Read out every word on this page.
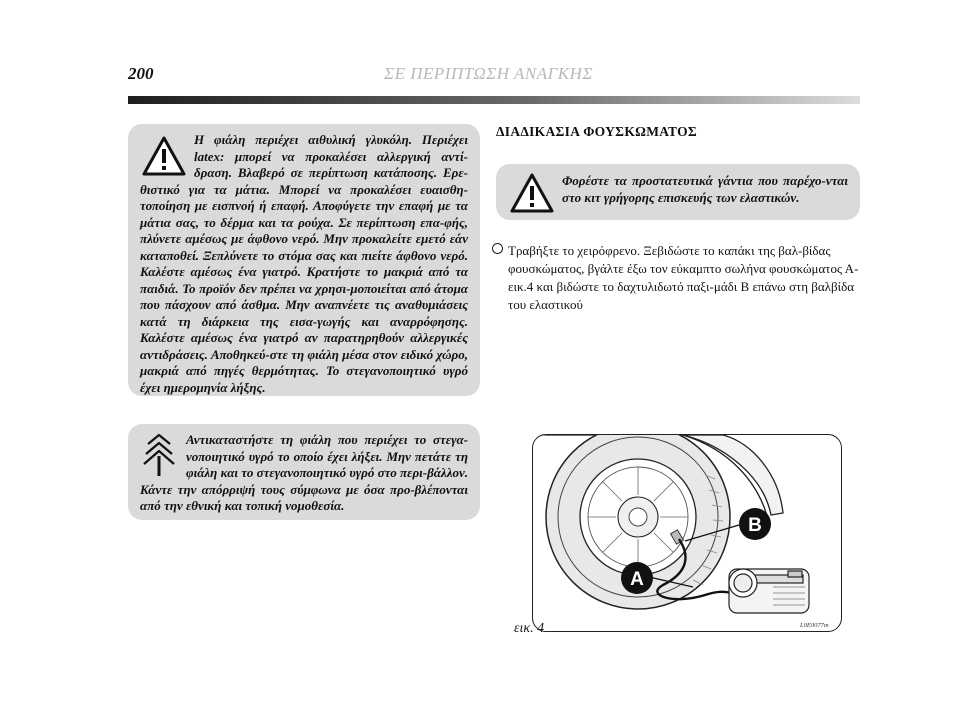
200	ΣΕ ΠΕΡΙΠΤΩΣΗ ΑΝΑΓΚΗΣ
Η φιάλη περιέχει αιθυλική γλυκόλη. Περιέχει latex: μπορεί να προκαλέσει αλλεργική αντί-δραση. Βλαβερό σε περίπτωση κατάποσης. Ερε-θιστικό για τα μάτια. Μπορεί να προκαλέσει ευαισθη-τοποίηση με εισπνοή ή επαφή. Αποφύγετε την επαφή με τα μάτια σας, το δέρμα και τα ρούχα. Σε περίπτωση επα-φής, πλύνετε αμέσως με άφθονο νερό. Μην προκαλείτε εμετό εάν καταποθεί. Ξεπλύνετε το στόμα σας και πιείτε άφθονο νερό. Καλέστε αμέσως ένα γιατρό. Κρατήστε το μακριά από τα παιδιά. Το προϊόν δεν πρέπει να χρησι-μοποιείται από άτομα που πάσχουν από άσθμα. Μην αναπνέετε τις αναθυμιάσεις κατά τη διάρκεια της εισα-γωγής και αναρρόφησης. Καλέστε αμέσως ένα γιατρό αν παρατηρηθούν αλλεργικές αντιδράσεις. Αποθηκεύ-στε τη φιάλη μέσα στον ειδικό χώρο, μακριά από πηγές θερμότητας. Το στεγανοποιητικό υγρό έχει ημερομηνία λήξης.
Αντικαταστήστε τη φιάλη που περιέχει το στεγα-νοποιητικό υγρό το οποίο έχει λήξει. Μην πετάτε τη φιάλη και το στεγανοποιητικό υγρό στο περι-βάλλον. Κάντε την απόρριψή τους σύμφωνα με όσα προ-βλέπονται από την εθνική και τοπική νομοθεσία.
ΔΙΑΔΙΚΑΣΙΑ ΦΟΥΣΚΩΜΑΤΟΣ
Φορέστε τα προστατευτικά γάντια που παρέχο-νται στο κιτ γρήγορης επισκευής των ελαστικών.
Τραβήξτε το χειρόφρενο. Ξεβιδώστε το καπάκι της βαλ-βίδας φουσκώματος, βγάλτε έξω τον εύκαμπτο σωλήνα φουσκώματος Α-εικ.4 και βιδώστε το δαχτυλιδωτό παξι-μάδι Β επάνω στη βαλβίδα του ελαστικού
B
A
εικ. 4	L0E0077m
